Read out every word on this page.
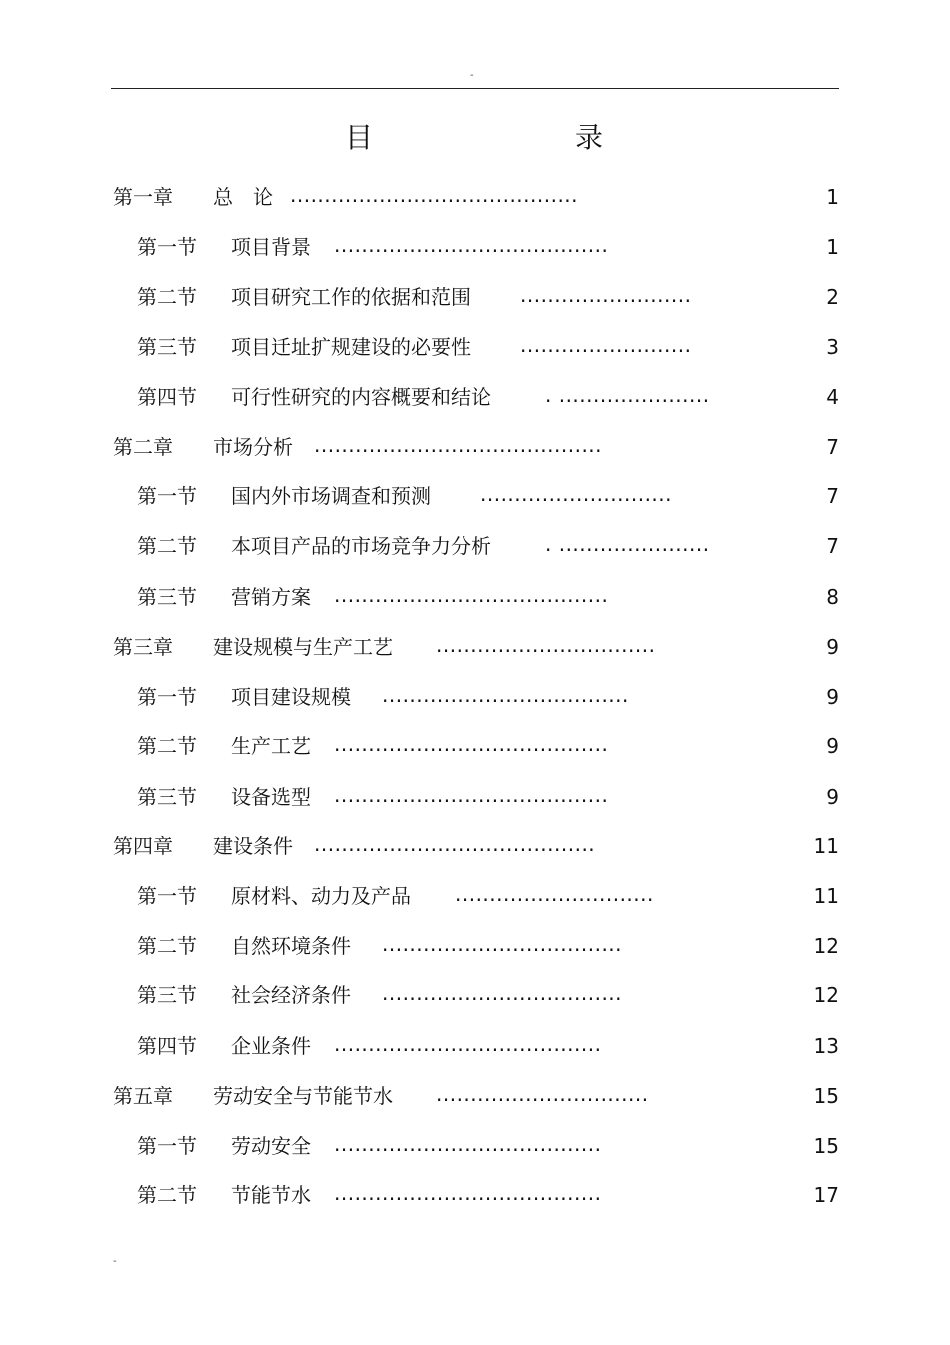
-
目	录
第一章 总　论 ..........................................	1
第一节 项目背景 ........................................	1
第二节 项目研究工作的依据和范围 .........................	2
第三节 项目迁址扩规建设的必要性 .........................	3
第四节 可行性研究的内容概要和结论	. ......................	4
第二章 市场分析 ..........................................	7
第一节 国内外市场调查和预测 ............................	7
第二节 本项目产品的市场竞争力分析	. ......................	7
第三节 营销方案 ........................................	8
第三章 建设规模与生产工艺 ................................	9
第一节 项目建设规模 ....................................	9
第二节 生产工艺 ........................................	9
第三节 设备选型 ........................................	9
第四章 建设条件 .........................................	11
第一节 原材料、动力及产品 .............................	11
第二节 自然环境条件 ...................................	12
第三节 社会经济条件 ...................................	12
第四节 企业条件 .......................................	13
第五章 劳动安全与节能节水 ...............................	15
第一节 劳动安全 .......................................	15
第二节 节能节水 .......................................	17
-
